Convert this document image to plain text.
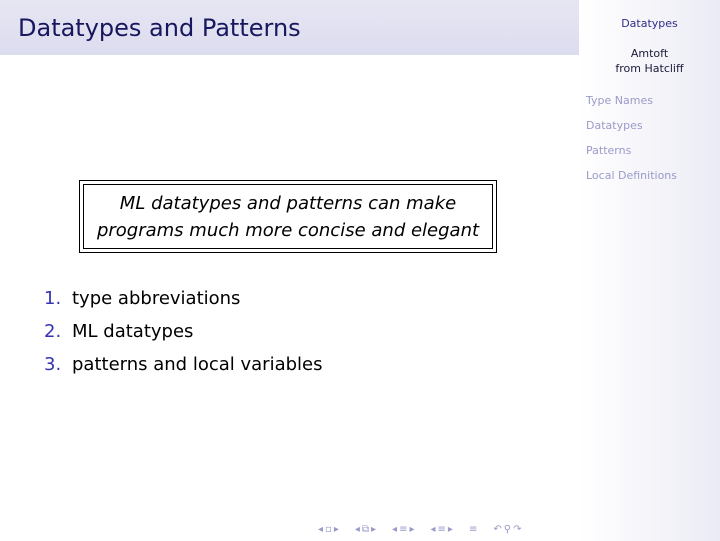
Datatypes and Patterns	Datatypes
Amtoft
from Hatcliff
Type Names
Datatypes
Patterns
Local Definitions
ML datatypes and patterns can make
programs much more concise and elegant
1. type abbreviations
2. ML datatypes
3. patterns and local variables
◂ ▫ ▸ ◂ ⧉ ▸ ◂ ≡ ▸ ◂ ≡ ▸ ≡ ↶ ⚲ ↷
